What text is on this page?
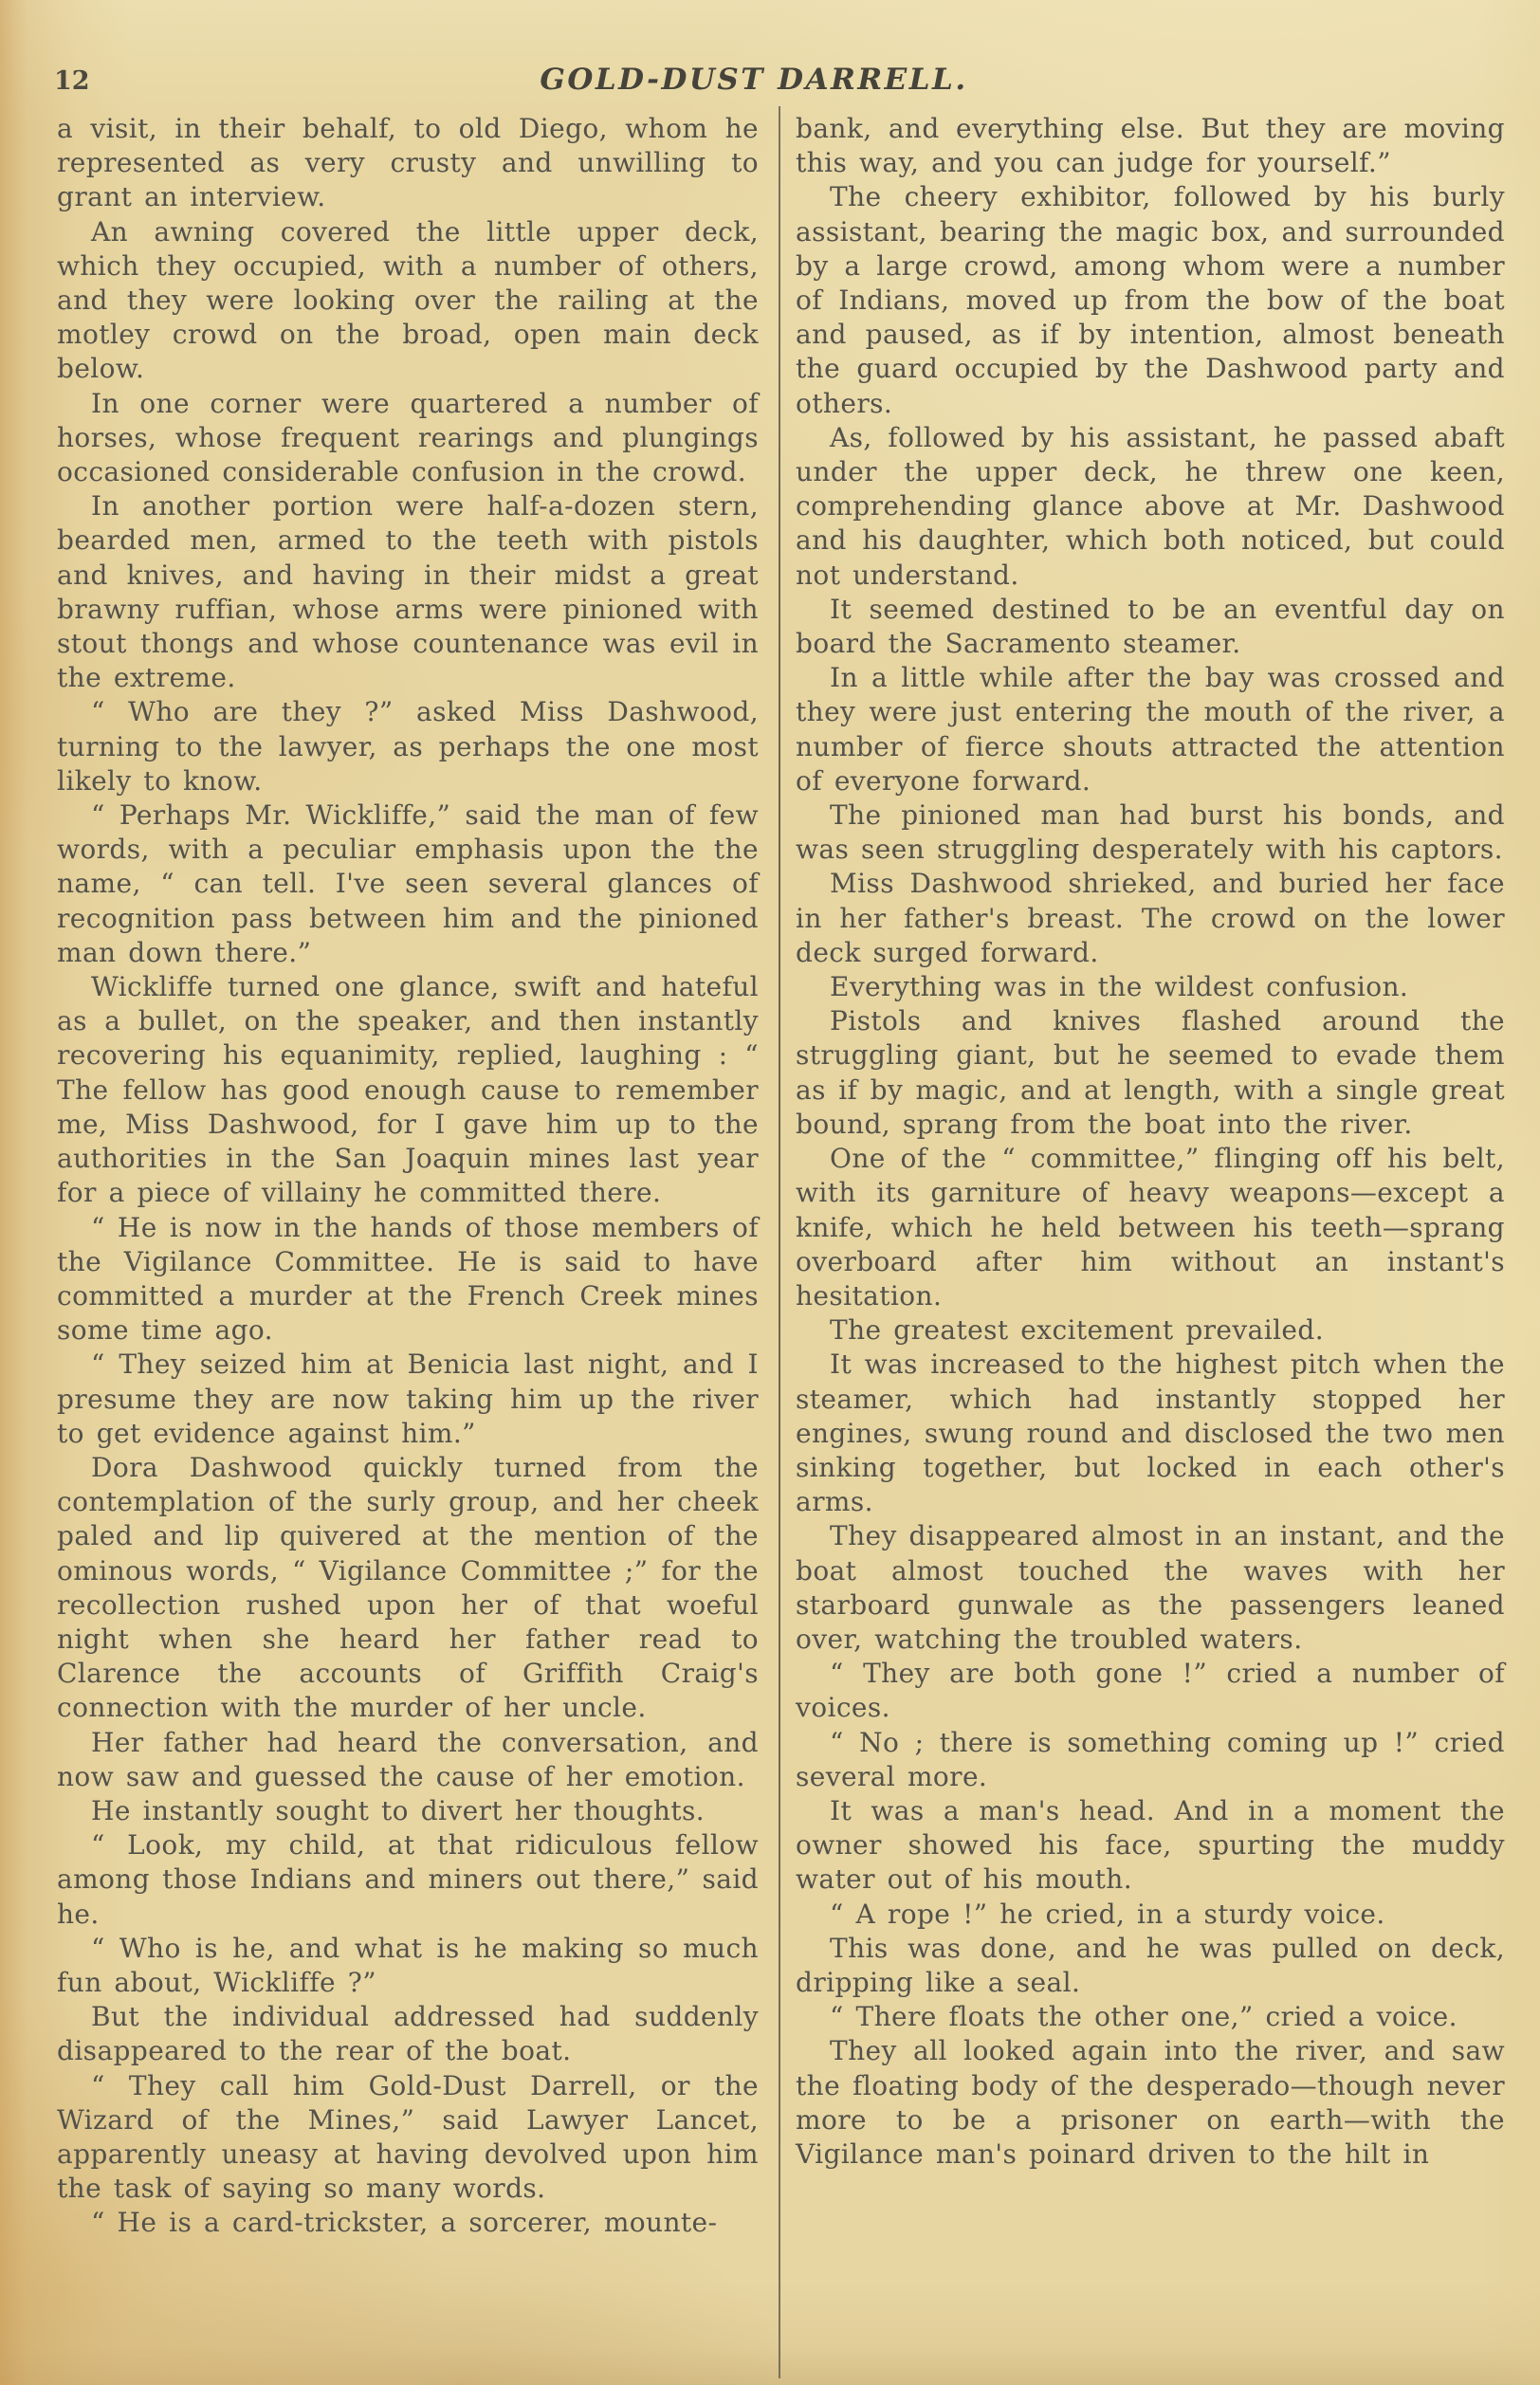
12	GOLD-DUST DARRELL.

a visit, in their behalf, to old Diego, whom he represented as very crusty and unwilling to grant an interview.

An awning covered the little upper deck, which they occupied, with a number of others, and they were looking over the railing at the motley crowd on the broad, open main deck below.

In one corner were quartered a number of horses, whose frequent rearings and plungings occasioned considerable confusion in the crowd.

In another portion were half-a-dozen stern, bearded men, armed to the teeth with pistols and knives, and having in their midst a great brawny ruffian, whose arms were pinioned with stout thongs and whose countenance was evil in the extreme.

“ Who are they ?” asked Miss Dashwood, turning to the lawyer, as perhaps the one most likely to know.

“ Perhaps Mr. Wickliffe,” said the man of few words, with a peculiar emphasis upon the the name, “ can tell. I've seen several glances of recognition pass between him and the pinioned man down there.”

Wickliffe turned one glance, swift and hateful as a bullet, on the speaker, and then instantly recovering his equanimity, replied, laughing : “ The fellow has good enough cause to remember me, Miss Dashwood, for I gave him up to the authorities in the San Joaquin mines last year for a piece of villainy he committed there.

“ He is now in the hands of those members of the Vigilance Committee. He is said to have committed a murder at the French Creek mines some time ago.

“ They seized him at Benicia last night, and I presume they are now taking him up the river to get evidence against him.”

Dora Dashwood quickly turned from the contemplation of the surly group, and her cheek paled and lip quivered at the mention of the ominous words, “ Vigilance Committee ;” for the recollection rushed upon her of that woeful night when she heard her father read to Clarence the accounts of Griffith Craig's connection with the murder of her uncle.

Her father had heard the conversation, and now saw and guessed the cause of her emotion.

He instantly sought to divert her thoughts.

“ Look, my child, at that ridiculous fellow among those Indians and miners out there,” said he.

“ Who is he, and what is he making so much fun about, Wickliffe ?”

But the individual addressed had suddenly disappeared to the rear of the boat.

“ They call him Gold-Dust Darrell, or the Wizard of the Mines,” said Lawyer Lancet, apparently uneasy at having devolved upon him the task of saying so many words.

“ He is a card-trickster, a sorcerer, mounte-

bank, and everything else. But they are moving this way, and you can judge for yourself.”

The cheery exhibitor, followed by his burly assistant, bearing the magic box, and surrounded by a large crowd, among whom were a number of Indians, moved up from the bow of the boat and paused, as if by intention, almost beneath the guard occupied by the Dashwood party and others.

As, followed by his assistant, he passed abaft under the upper deck, he threw one keen, comprehending glance above at Mr. Dashwood and his daughter, which both noticed, but could not understand.

It seemed destined to be an eventful day on board the Sacramento steamer.

In a little while after the bay was crossed and they were just entering the mouth of the river, a number of fierce shouts attracted the attention of everyone forward.

The pinioned man had burst his bonds, and was seen struggling desperately with his captors.

Miss Dashwood shrieked, and buried her face in her father's breast. The crowd on the lower deck surged forward.

Everything was in the wildest confusion.

Pistols and knives flashed around the struggling giant, but he seemed to evade them as if by magic, and at length, with a single great bound, sprang from the boat into the river.

One of the “ committee,” flinging off his belt, with its garniture of heavy weapons—except a knife, which he held between his teeth—sprang overboard after him without an instant's hesitation.

The greatest excitement prevailed.

It was increased to the highest pitch when the steamer, which had instantly stopped her engines, swung round and disclosed the two men sinking together, but locked in each other's arms.

They disappeared almost in an instant, and the boat almost touched the waves with her starboard gunwale as the passengers leaned over, watching the troubled waters.

“ They are both gone !” cried a number of voices.

“ No ; there is something coming up !” cried several more.

It was a man's head. And in a moment the owner showed his face, spurting the muddy water out of his mouth.

“ A rope !” he cried, in a sturdy voice.

This was done, and he was pulled on deck, dripping like a seal.

“ There floats the other one,” cried a voice.

They all looked again into the river, and saw the floating body of the desperado—though never more to be a prisoner on earth—with the Vigilance man's poinard driven to the hilt in
